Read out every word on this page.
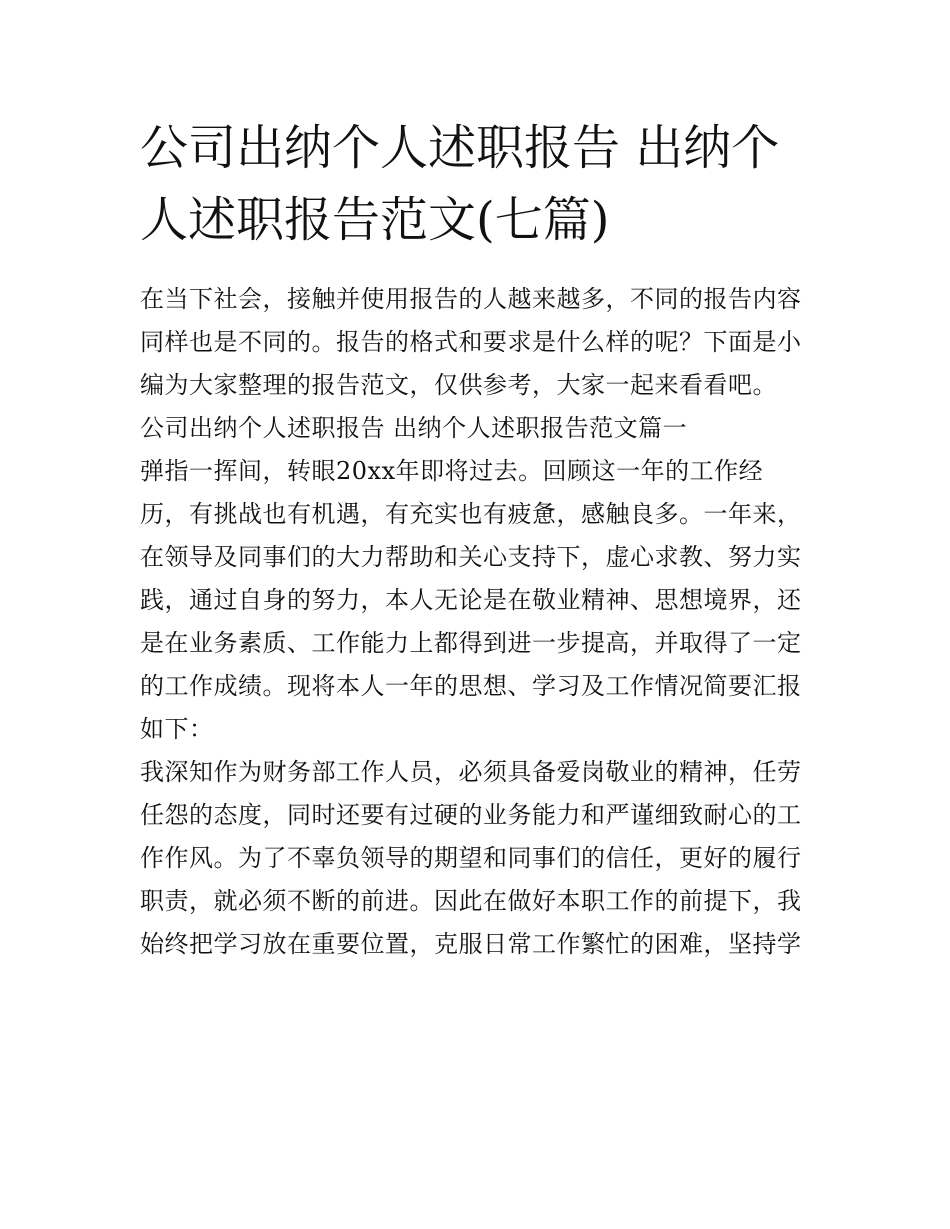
公司出纳个人述职报告 出纳个
人述职报告范文(七篇)
在当下社会，接触并使用报告的人越来越多，不同的报告内容
同样也是不同的。报告的格式和要求是什么样的呢？下面是小
编为大家整理的报告范文，仅供参考，大家一起来看看吧。
公司出纳个人述职报告 出纳个人述职报告范文篇一
弹指一挥间，转眼20xx年即将过去。回顾这一年的工作经
历，有挑战也有机遇，有充实也有疲惫，感触良多。一年来，
在领导及同事们的大力帮助和关心支持下，虚心求教、努力实
践，通过自身的努力，本人无论是在敬业精神、思想境界，还
是在业务素质、工作能力上都得到进一步提高，并取得了一定
的工作成绩。现将本人一年的思想、学习及工作情况简要汇报
如下：
我深知作为财务部工作人员，必须具备爱岗敬业的精神，任劳
任怨的态度，同时还要有过硬的业务能力和严谨细致耐心的工
作作风。为了不辜负领导的期望和同事们的信任，更好的履行
职责，就必须不断的前进。因此在做好本职工作的前提下，我
始终把学习放在重要位置，克服日常工作繁忙的困难，坚持学
